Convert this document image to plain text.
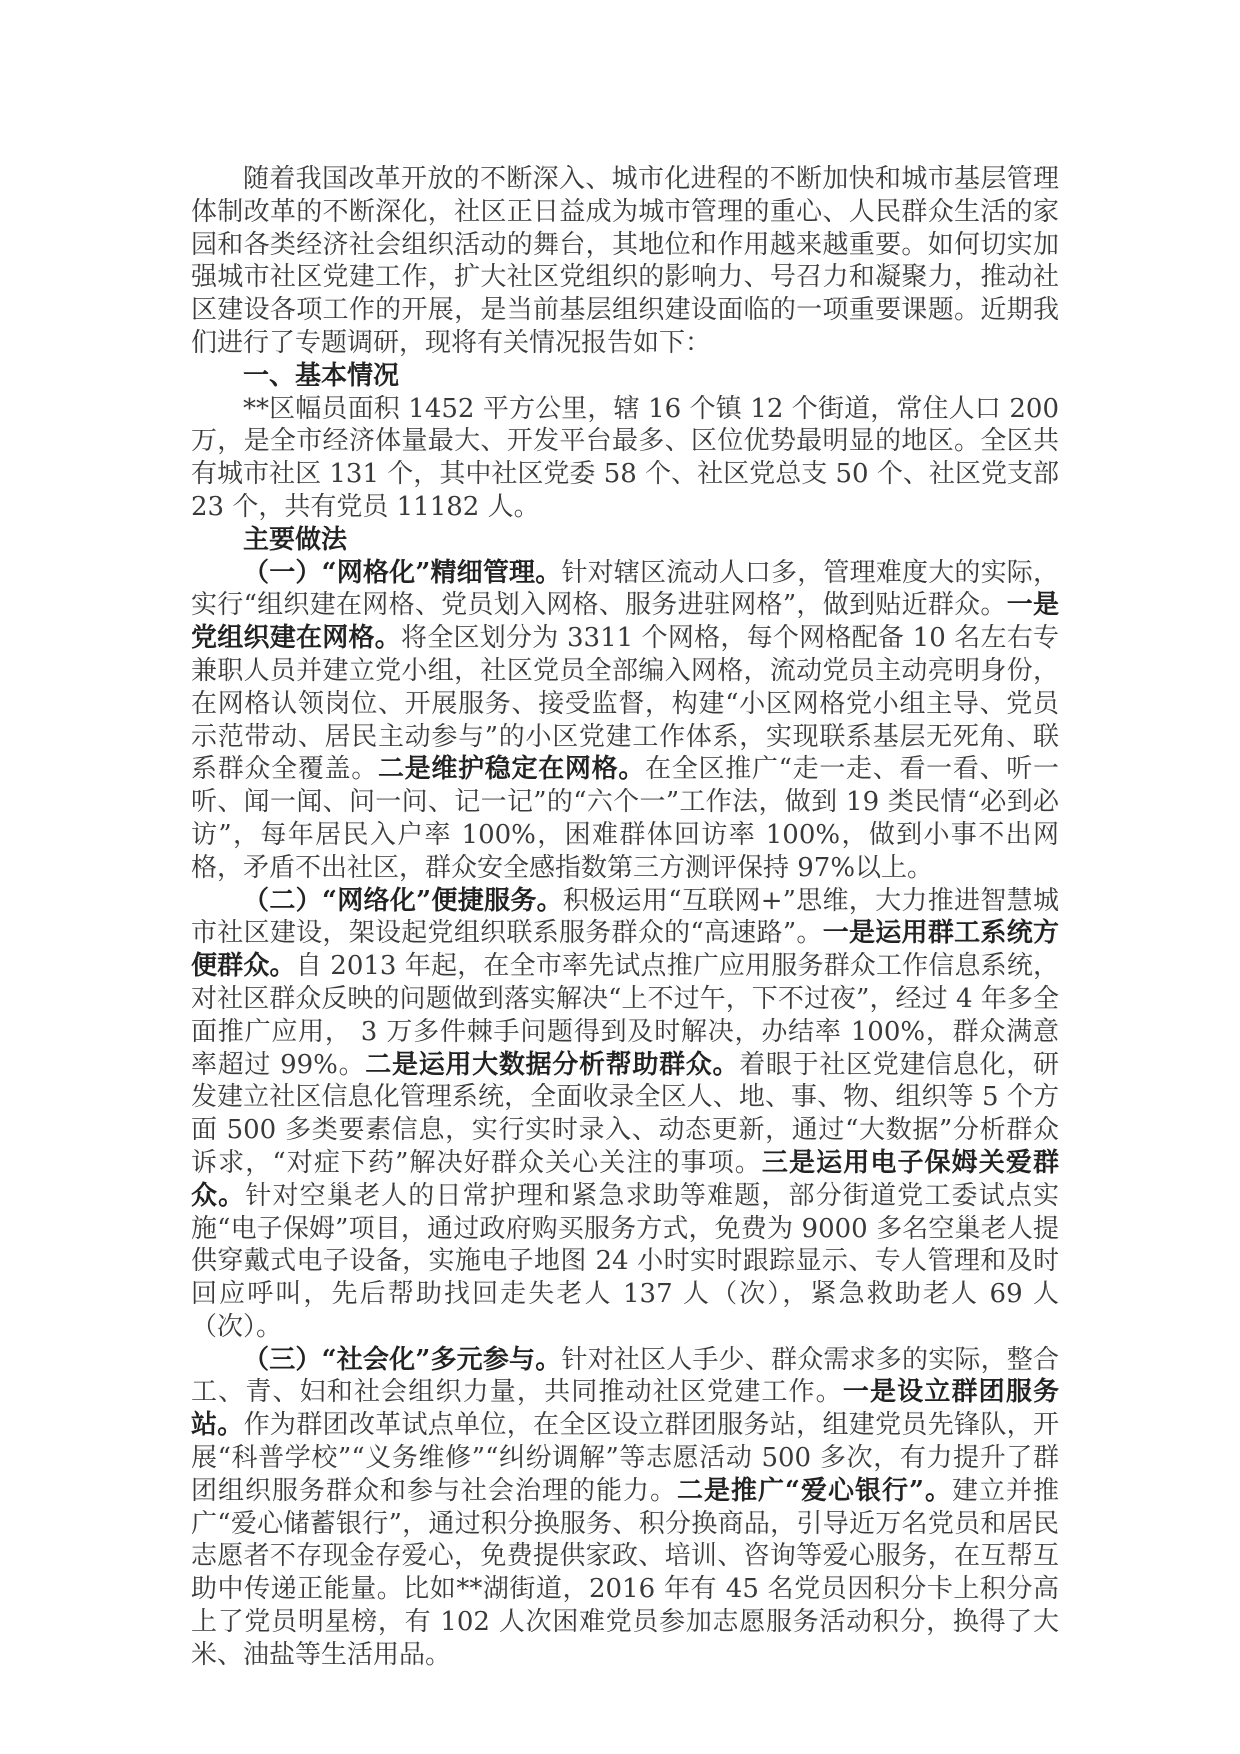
随着我国改革开放的不断深入、城市化进程的不断加快和城市基层管理体制改革的不断深化，社区正日益成为城市管理的重心、人民群众生活的家园和各类经济社会组织活动的舞台，其地位和作用越来越重要。如何切实加强城市社区党建工作，扩大社区党组织的影响力、号召力和凝聚力，推动社区建设各项工作的开展，是当前基层组织建设面临的一项重要课题。近期我们进行了专题调研，现将有关情况报告如下：

一、基本情况

**区幅员面积 1452 平方公里，辖 16 个镇 12 个街道，常住人口 200 万，是全市经济体量最大、开发平台最多、区位优势最明显的地区。全区共有城市社区 131 个，其中社区党委 58 个、社区党总支 50 个、社区党支部 23 个，共有党员 11182 人。

主要做法

（一）“网格化”精细管理。针对辖区流动人口多，管理难度大的实际，实行“组织建在网格、党员划入网格、服务进驻网格”，做到贴近群众。一是党组织建在网格。将全区划分为 3311 个网格，每个网格配备 10 名左右专兼职人员并建立党小组，社区党员全部编入网格，流动党员主动亮明身份，在网格认领岗位、开展服务、接受监督，构建“小区网格党小组主导、党员示范带动、居民主动参与”的小区党建工作体系，实现联系基层无死角、联系群众全覆盖。二是维护稳定在网格。在全区推广“走一走、看一看、听一听、闻一闻、问一问、记一记”的“六个一”工作法，做到 19 类民情“必到必访”，每年居民入户率 100%，困难群体回访率 100%，做到小事不出网格，矛盾不出社区，群众安全感指数第三方测评保持 97%以上。

（二）“网络化”便捷服务。积极运用“互联网+”思维，大力推进智慧城市社区建设，架设起党组织联系服务群众的“高速路”。一是运用群工系统方便群众。自 2013 年起，在全市率先试点推广应用服务群众工作信息系统，对社区群众反映的问题做到落实解决“上不过午，下不过夜”，经过 4 年多全面推广应用， 3 万多件棘手问题得到及时解决，办结率 100%，群众满意率超过 99%。二是运用大数据分析帮助群众。着眼于社区党建信息化，研发建立社区信息化管理系统，全面收录全区人、地、事、物、组织等 5 个方面 500 多类要素信息，实行实时录入、动态更新，通过“大数据”分析群众诉求，“对症下药”解决好群众关心关注的事项。三是运用电子保姆关爱群众。针对空巢老人的日常护理和紧急求助等难题，部分街道党工委试点实施“电子保姆”项目，通过政府购买服务方式，免费为 9000 多名空巢老人提供穿戴式电子设备，实施电子地图 24 小时实时跟踪显示、专人管理和及时回应呼叫，先后帮助找回走失老人 137 人（次），紧急救助老人 69 人（次）。

（三）“社会化”多元参与。针对社区人手少、群众需求多的实际，整合工、青、妇和社会组织力量，共同推动社区党建工作。一是设立群团服务站。作为群团改革试点单位，在全区设立群团服务站，组建党员先锋队，开展“科普学校”“义务维修”“纠纷调解”等志愿活动 500 多次，有力提升了群团组织服务群众和参与社会治理的能力。二是推广“爱心银行”。建立并推广“爱心储蓄银行”，通过积分换服务、积分换商品，引导近万名党员和居民志愿者不存现金存爱心，免费提供家政、培训、咨询等爱心服务，在互帮互助中传递正能量。比如**湖街道，2016 年有 45 名党员因积分卡上积分高上了党员明星榜，有 102 人次困难党员参加志愿服务活动积分，换得了大米、油盐等生活用品。
